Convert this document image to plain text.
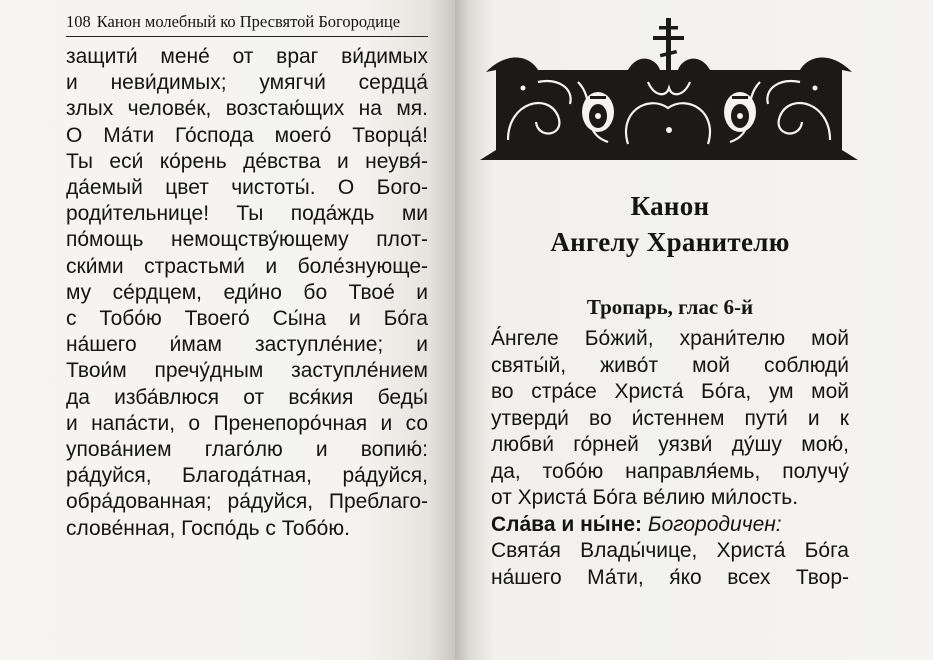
108 Канон молебный ко Пресвятой Богородице
защити́ мене́ от враг ви́димых
и неви́димых; умягчи́ сердца́
злых челове́к, возстаю́щих на мя.
О Ма́ти Го́спода моего́ Творца́!
Ты еси́ ко́рень де́вства и неувя́-
да́емый цвет чистоты́. О Бого-
роди́тельнице! Ты пода́ждь ми
по́мощь немощству́ющему плот-
ски́ми страстьми́ и боле́знующе-
му се́рдцем, еди́но бо Твое́ и
с Тобо́ю Твоего́ Сы́на и Бо́га
на́шего и́мам заступле́ние; и
Твои́м пречу́дным заступле́нием
да изба́влюся от вся́кия беды́
и напа́сти, о Пренепоро́чная и со
упова́нием глаго́лю и вопию́:
ра́дуйся, Благода́тная, ра́дуйся,
обра́дованная; ра́дуйся, Преблаго-
слове́нная, Госпо́дь с Тобо́ю.
Канон
Ангелу Хранителю
Тропарь, глас 6-й
А́нгеле Бо́жий, храни́телю мой
святы́й, живо́т мой соблюди́
во стра́се Христа́ Бо́га, ум мой
утверди́ во и́стеннем пути́ и к
любви́ го́рней уязви́ ду́шу мою́,
да, тобо́ю направля́емь, получу́
от Христа́ Бо́га ве́лию ми́лость.
Сла́ва и ны́не: Богородичен:
Свята́я Влады́чице, Христа́ Бо́га
на́шего Ма́ти, я́ко всех Твор-
